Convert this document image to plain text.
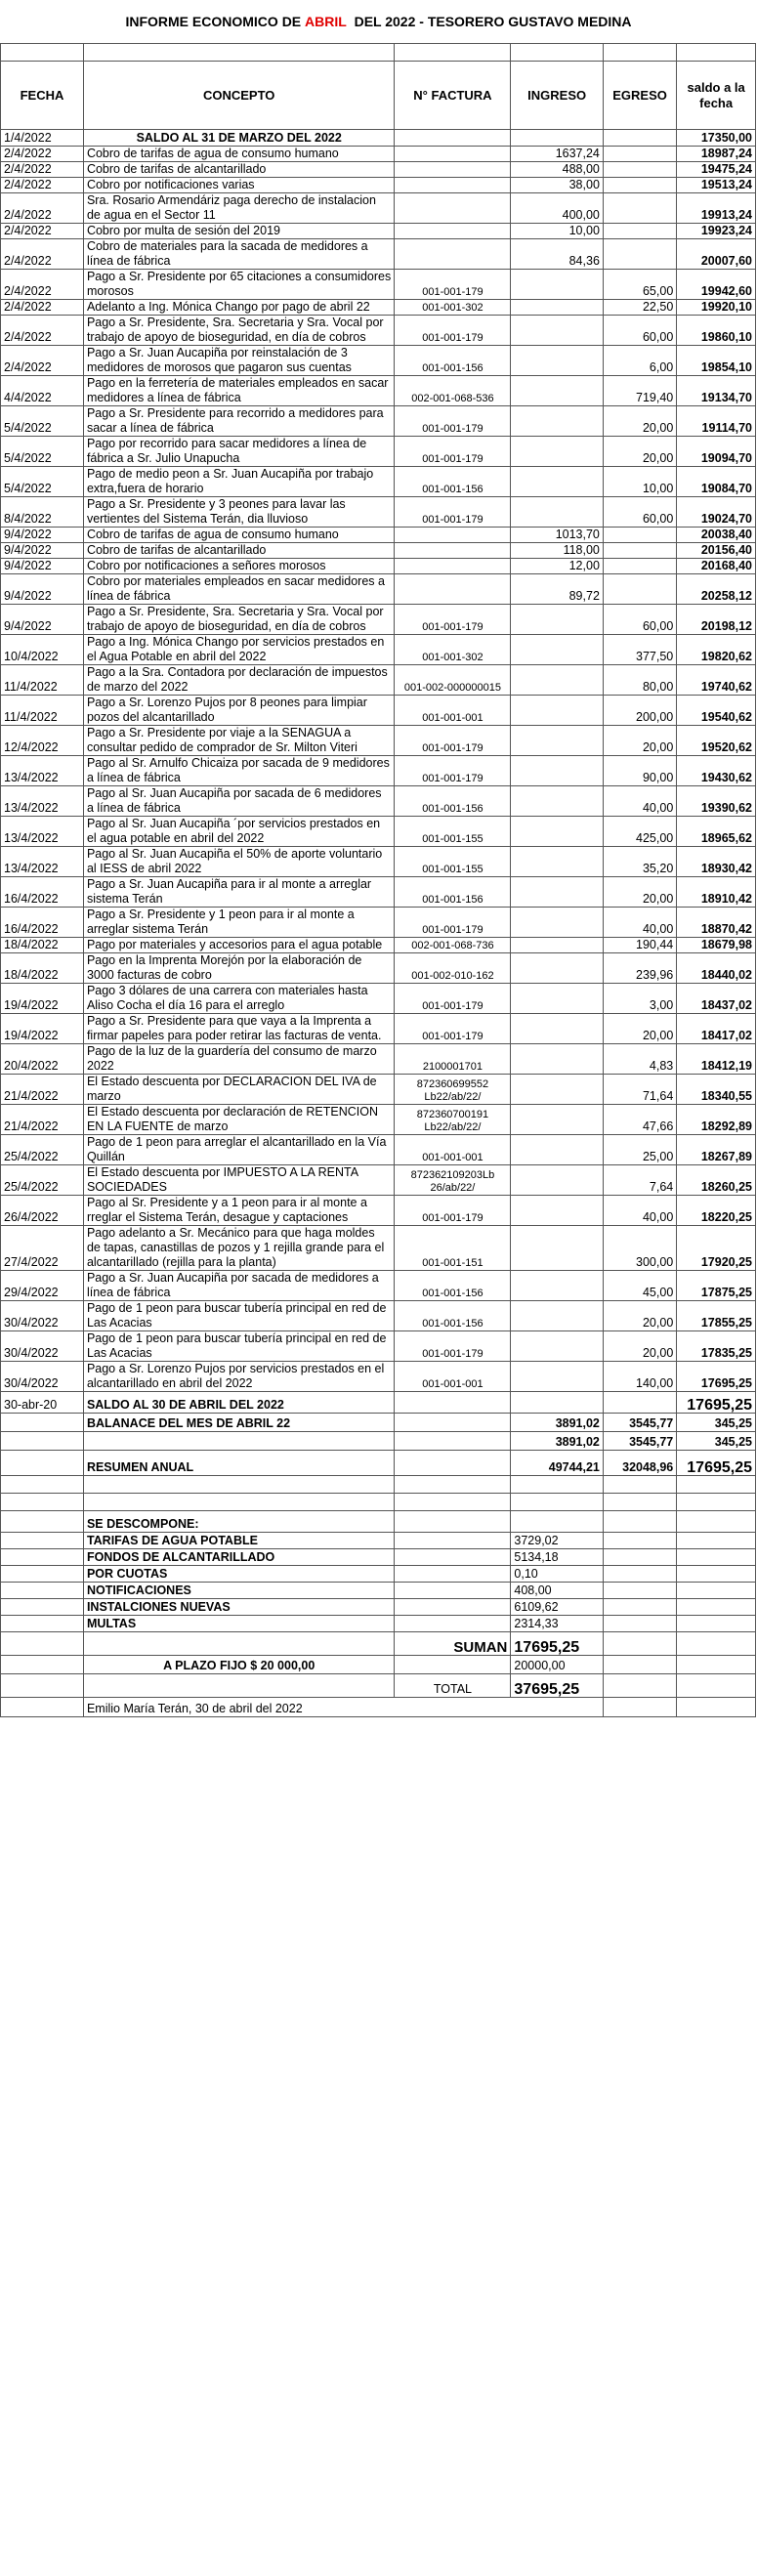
INFORME ECONOMICO DE ABRIL DEL 2022 - TESORERO GUSTAVO MEDINA

FECHA	CONCEPTO	N° FACTURA	INGRESO	EGRESO	saldo a la fecha
1/4/2022	SALDO AL 31 DE MARZO DEL 2022				17350,00
2/4/2022	Cobro de tarifas de agua de consumo humano		1637,24		18987,24
2/4/2022	Cobro de tarifas de alcantarillado		488,00		19475,24
2/4/2022	Cobro por notificaciones varias		38,00		19513,24
2/4/2022	Sra. Rosario Armendáriz paga derecho de instalacion de agua en el Sector 11		400,00		19913,24
2/4/2022	Cobro por multa de sesión del 2019		10,00		19923,24
2/4/2022	Cobro de materiales para la sacada de medidores a línea de fábrica		84,36		20007,60
2/4/2022	Pago a Sr. Presidente por 65 citaciones a consumidores morosos	001-001-179		65,00	19942,60
2/4/2022	Adelanto a Ing. Mónica Chango por pago de abril 22	001-001-302		22,50	19920,10
2/4/2022	Pago a Sr. Presidente, Sra. Secretaria y Sra. Vocal por trabajo de apoyo de bioseguridad, en día de cobros	001-001-179		60,00	19860,10
2/4/2022	Pago a Sr. Juan Aucapiña por reinstalación de 3 medidores de morosos que pagaron sus cuentas	001-001-156		6,00	19854,10
4/4/2022	Pago en la ferretería de materiales empleados en sacar medidores a línea de fábrica	002-001-068-536		719,40	19134,70
5/4/2022	Pago a Sr. Presidente para recorrido a medidores para sacar a línea de fábrica	001-001-179		20,00	19114,70
5/4/2022	Pago por recorrido para sacar medidores a línea de fábrica a Sr. Julio Unapucha	001-001-179		20,00	19094,70
5/4/2022	Pago de medio peon a Sr. Juan Aucapiña por trabajo extra,fuera de horario	001-001-156		10,00	19084,70
8/4/2022	Pago a Sr. Presidente y 3 peones para lavar las vertientes del Sistema Terán, dia lluvioso	001-001-179		60,00	19024,70
9/4/2022	Cobro de tarifas de agua de consumo humano		1013,70		20038,40
9/4/2022	Cobro de tarifas de alcantarillado		118,00		20156,40
9/4/2022	Cobro por notificaciones a señores morosos		12,00		20168,40
9/4/2022	Cobro por materiales empleados en sacar medidores a línea de fábrica		89,72		20258,12
9/4/2022	Pago a Sr. Presidente, Sra. Secretaria y Sra. Vocal por trabajo de apoyo de bioseguridad, en día de cobros	001-001-179		60,00	20198,12
10/4/2022	Pago a Ing. Mónica Chango por servicios prestados en el Agua Potable en abril del 2022	001-001-302		377,50	19820,62
11/4/2022	Pago a la Sra. Contadora por declaración de impuestos de marzo del 2022	001-002-000000015		80,00	19740,62
11/4/2022	Pago a Sr. Lorenzo Pujos por 8 peones para limpiar pozos del alcantarillado	001-001-001		200,00	19540,62
12/4/2022	Pago a Sr. Presidente por viaje a la SENAGUA a consultar pedido de comprador de Sr. Milton Viteri	001-001-179		20,00	19520,62
13/4/2022	Pago al Sr. Arnulfo Chicaiza por sacada de 9 medidores a línea de fábrica	001-001-179		90,00	19430,62
13/4/2022	Pago al Sr. Juan Aucapiña por sacada de 6 medidores a línea de fábrica	001-001-156		40,00	19390,62
13/4/2022	Pago al Sr. Juan Aucapiña ´por servicios prestados en el agua potable en abril del 2022	001-001-155		425,00	18965,62
13/4/2022	Pago al Sr. Juan Aucapiña el 50% de aporte voluntario al IESS de abril 2022	001-001-155		35,20	18930,42
16/4/2022	Pago a Sr. Juan Aucapiña para ir al monte a arreglar sistema Terán	001-001-156		20,00	18910,42
16/4/2022	Pago a Sr. Presidente y 1 peon para ir al monte a arreglar sistema Terán	001-001-179		40,00	18870,42
18/4/2022	Pago por materiales y accesorios para el agua potable	002-001-068-736		190,44	18679,98
18/4/2022	Pago en la Imprenta Morejón por la elaboración de 3000 facturas de cobro	001-002-010-162		239,96	18440,02
19/4/2022	Pago 3 dólares de una carrera con materiales hasta Aliso Cocha el día 16 para el arreglo	001-001-179		3,00	18437,02
19/4/2022	Pago a Sr. Presidente para que vaya a la Imprenta a firmar papeles para poder retirar las facturas de venta.	001-001-179		20,00	18417,02
20/4/2022	Pago de la luz de la guardería del consumo de marzo 2022	2100001701		4,83	18412,19
21/4/2022	El Estado descuenta por DECLARACION DEL IVA de marzo	872360699552 Lb22/ab/22/		71,64	18340,55
21/4/2022	El Estado descuenta por declaración de RETENCION EN LA FUENTE de marzo	872360700191 Lb22/ab/22/		47,66	18292,89
25/4/2022	Pago de 1 peon para arreglar el alcantarillado en la Vía Quillán	001-001-001		25,00	18267,89
25/4/2022	El Estado descuenta por IMPUESTO A LA RENTA SOCIEDADES	872362109203Lb 26/ab/22/		7,64	18260,25
26/4/2022	Pago al Sr. Presidente y a 1 peon para ir al monte a rreglar el Sistema Terán, desague y captaciones	001-001-179		40,00	18220,25
27/4/2022	Pago adelanto a Sr. Mecánico para que haga moldes de tapas, canastillas de pozos y 1 rejilla grande para el alcantarillado (rejilla para la planta)	001-001-151		300,00	17920,25
29/4/2022	Pago a Sr. Juan Aucapiña por sacada de medidores a línea de fábrica	001-001-156		45,00	17875,25
30/4/2022	Pago de 1 peon para buscar tubería principal en red de Las Acacias	001-001-156		20,00	17855,25
30/4/2022	Pago de 1 peon para buscar tubería principal en red de Las Acacias	001-001-179		20,00	17835,25
30/4/2022	Pago a Sr. Lorenzo Pujos por servicios prestados en el alcantarillado en abril del 2022	001-001-001		140,00	17695,25
30-abr-20	SALDO AL 30 DE ABRIL DEL 2022				17695,25
	BALANACE DEL MES DE ABRIL 22		3891,02	3545,77	345,25
			3891,02	3545,77	345,25
	RESUMEN ANUAL		49744,21	32048,96	17695,25

	SE DESCOMPONE:				
	TARIFAS DE AGUA POTABLE		3729,02		
	FONDOS DE ALCANTARILLADO		5134,18		
	POR CUOTAS		0,10		
	NOTIFICACIONES		408,00		
	INSTALCIONES NUEVAS		6109,62		
	MULTAS		2314,33		
		SUMAN	17695,25		
	A PLAZO FIJO $ 20 000,00		20000,00		
		TOTAL	37695,25		
	Emilio María Terán, 30 de abril del 2022				
